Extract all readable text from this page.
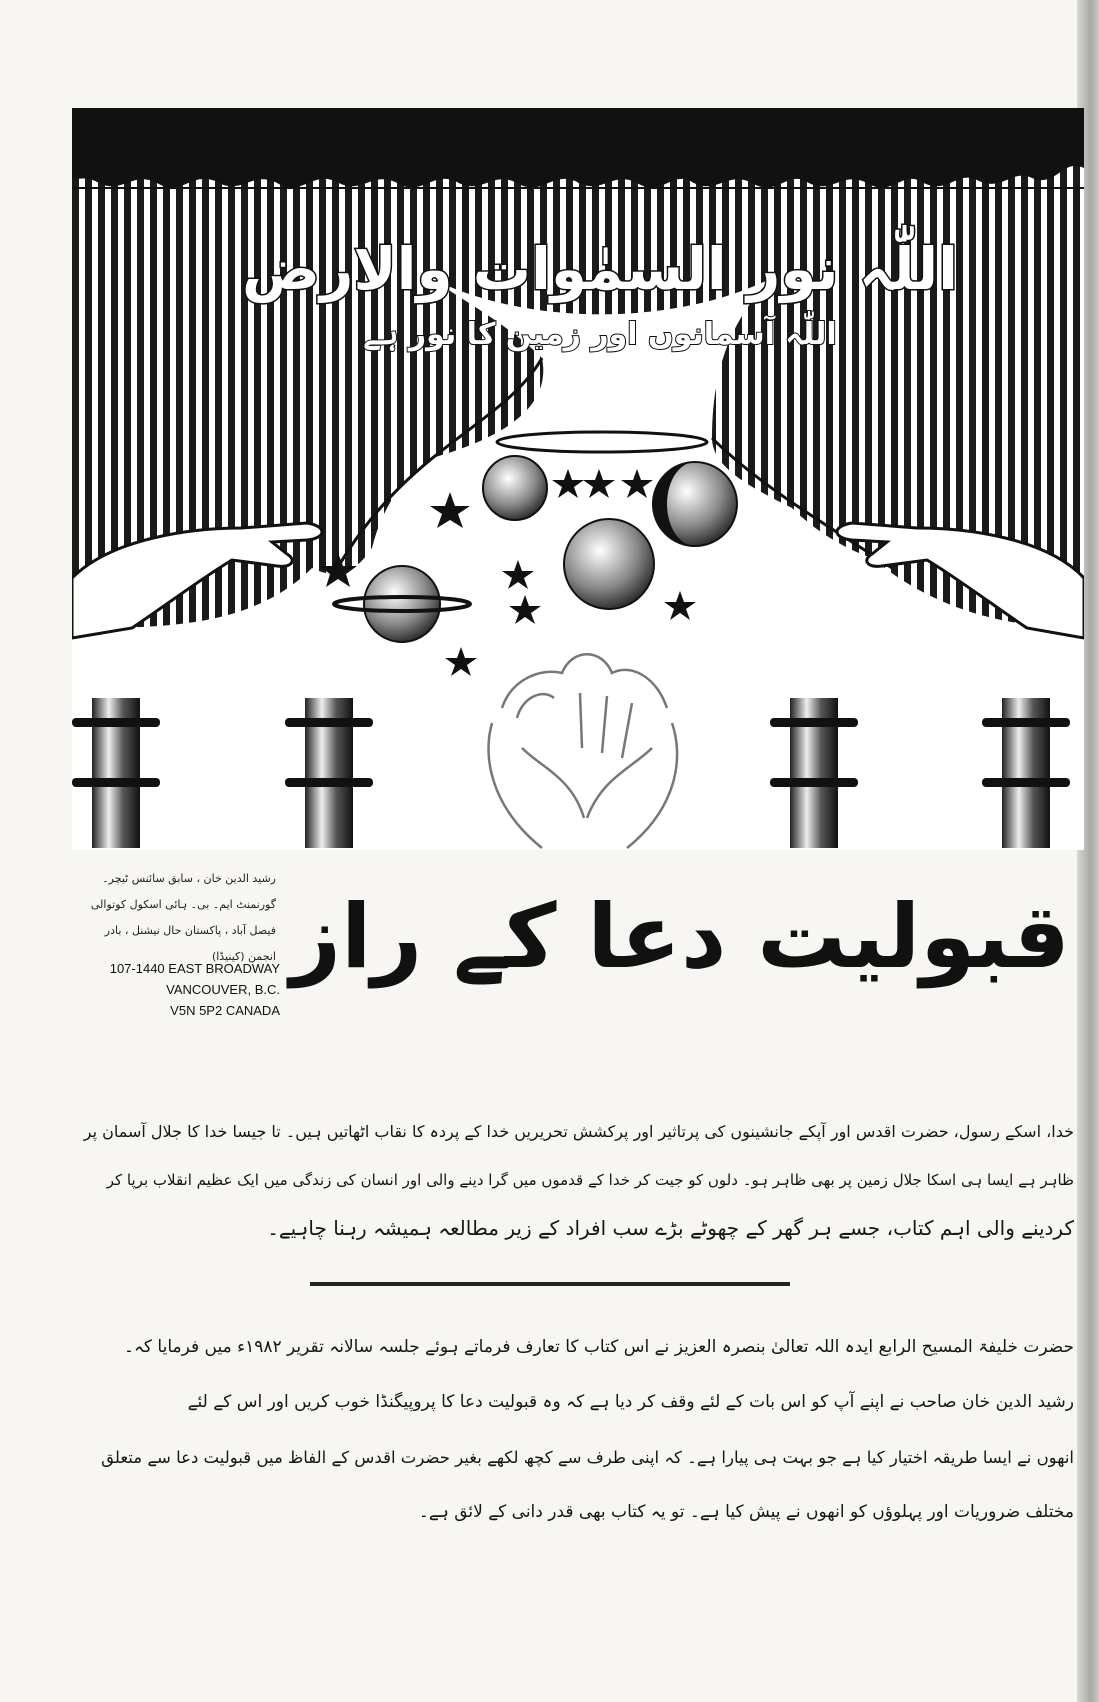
اللّٰہ نور السمٰوات والارض
اللّٰہ آسمانوں اور زمین کا نور ہے
رشید الدین خان ، سابق سائنس ٹیچر۔
گورنمنٹ ایم۔ بی۔ ہائی اسکول کوتوالی
فیصل آباد ، پاکستان حال نیشنل ، بادر انجمن (کینیڈا)
107-1440 EAST BROADWAY
VANCOUVER, B.C.
V5N 5P2 CANADA
قبولیت دعا کے راز
خدا، اسکے رسول، حضرت اقدس اور آپکے جانشینوں کی پرتاثیر اور پرکشش تحریریں خدا کے پردہ کا نقاب اٹھاتیں ہیں۔ تا جیسا خدا کا جلال آسمان پر
ظاہر ہے ایسا ہی اسکا جلال زمین پر بھی ظاہر ہو۔ دلوں کو جیت کر خدا کے قدموں میں گرا دینے والی اور انسان کی زندگی میں ایک عظیم انقلاب برپا کر
کردینے والی اہم کتاب، جسے ہر گھر کے چھوٹے بڑے سب افراد کے زیر مطالعہ ہمیشہ رہنا چاہیے۔
حضرت خلیفۃ المسیح الرابع ایدہ اللہ تعالیٰ بنصرہ العزیز نے اس کتاب کا تعارف فرماتے ہوئے جلسہ سالانہ تقریر ۱۹۸۲ء میں فرمایا کہ۔
رشید الدین خان صاحب نے اپنے آپ کو اس بات کے لئے وقف کر دیا ہے کہ وہ قبولیت دعا کا پروپیگنڈا خوب کریں اور اس کے لئے
انھوں نے ایسا طریقہ اختیار کیا ہے جو بہت ہی پیارا ہے۔ کہ اپنی طرف سے کچھ لکھے بغیر حضرت اقدس کے الفاظ میں قبولیت دعا سے متعلق
مختلف ضروریات اور پہلوؤں کو انھوں نے پیش کیا ہے۔ تو یہ کتاب بھی قدر دانی کے لائق ہے۔
